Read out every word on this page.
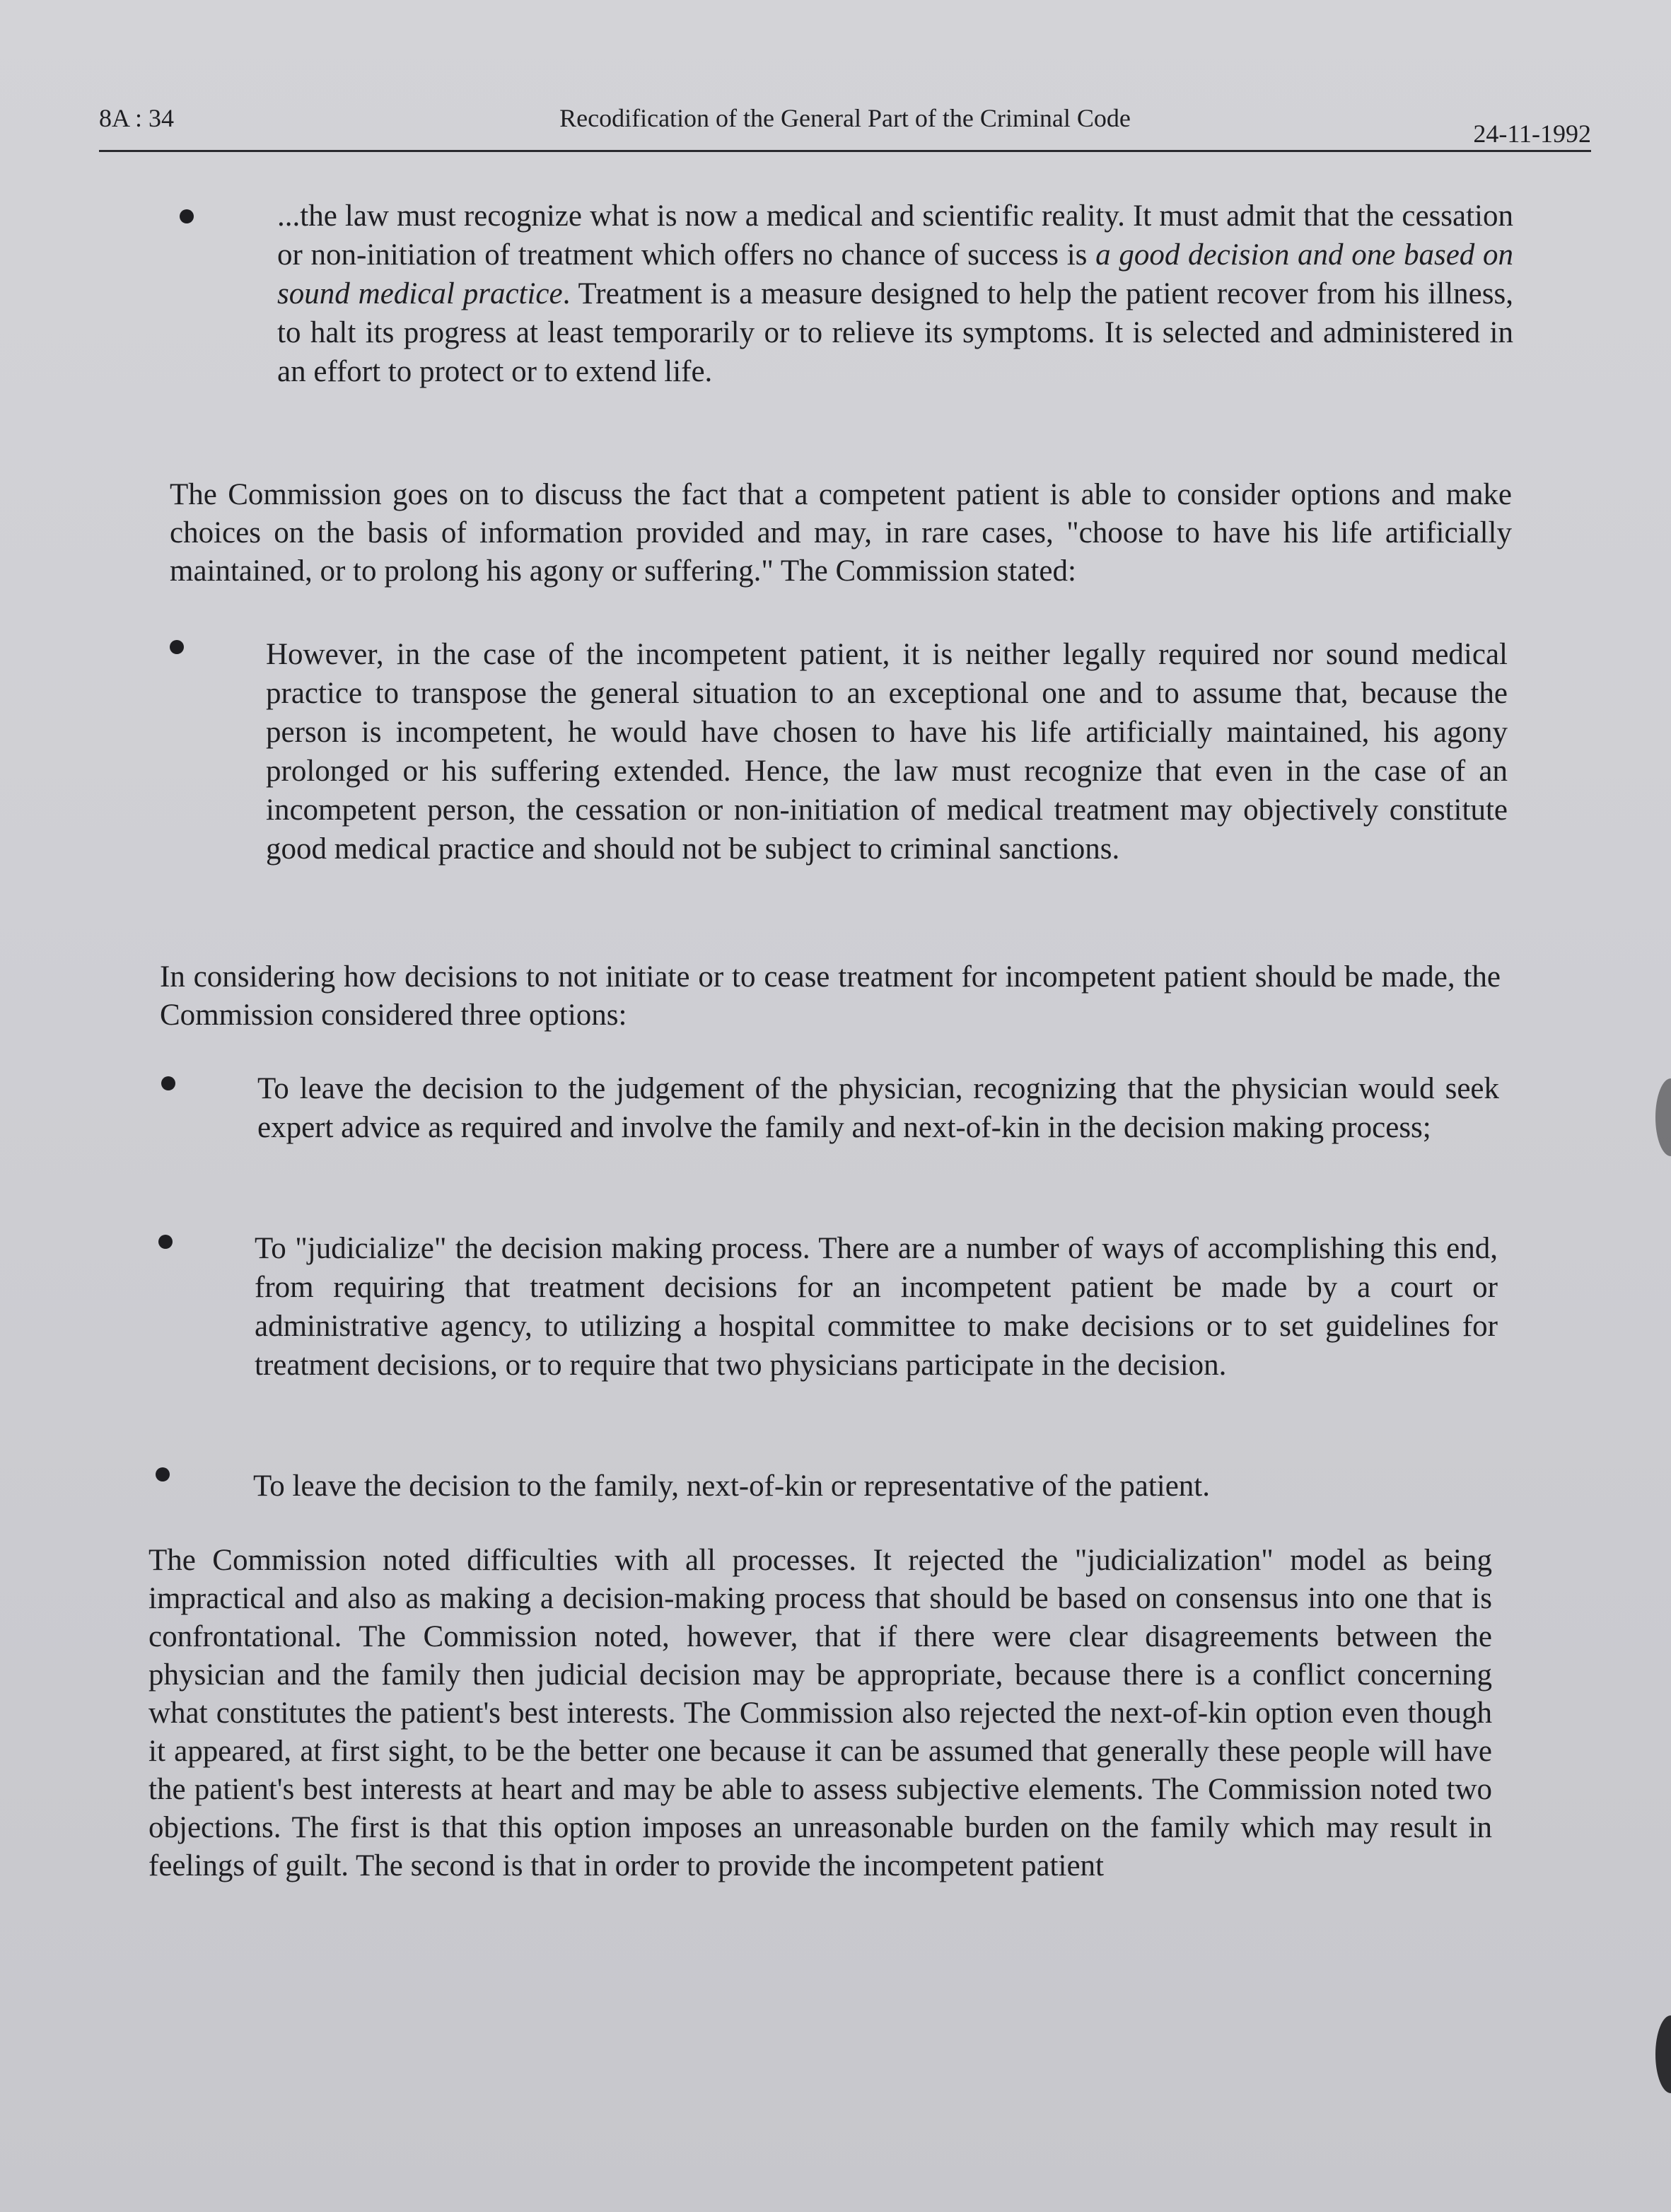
8A : 34	Recodification of the General Part of the Criminal Code
24-11-1992

...the law must recognize what is now a medical and scientific reality. It must admit that the cessation or non-initiation of treatment which offers no chance of success is a good decision and one based on sound medical practice. Treatment is a measure designed to help the patient recover from his illness, to halt its progress at least temporarily or to relieve its symptoms. It is selected and administered in an effort to protect or to extend life.

The Commission goes on to discuss the fact that a competent patient is able to consider options and make choices on the basis of information provided and may, in rare cases, "choose to have his life artificially maintained, or to prolong his agony or suffering." The Commission stated:

However, in the case of the incompetent patient, it is neither legally required nor sound medical practice to transpose the general situation to an exceptional one and to assume that, because the person is incompetent, he would have chosen to have his life artificially maintained, his agony prolonged or his suffering extended. Hence, the law must recognize that even in the case of an incompetent person, the cessation or non-initiation of medical treatment may objectively constitute good medical practice and should not be subject to criminal sanctions.

In considering how decisions to not initiate or to cease treatment for incompetent patient should be made, the Commission considered three options:

To leave the decision to the judgement of the physician, recognizing that the physician would seek expert advice as required and involve the family and next-of-kin in the decision making process;

To "judicialize" the decision making process. There are a number of ways of accomplishing this end, from requiring that treatment decisions for an incompetent patient be made by a court or administrative agency, to utilizing a hospital committee to make decisions or to set guidelines for treatment decisions, or to require that two physicians participate in the decision.

To leave the decision to the family, next-of-kin or representative of the patient.

The Commission noted difficulties with all processes. It rejected the "judicialization" model as being impractical and also as making a decision-making process that should be based on consensus into one that is confrontational. The Commission noted, however, that if there were clear disagreements between the physician and the family then judicial decision may be appropriate, because there is a conflict concerning what constitutes the patient's best interests. The Commission also rejected the next-of-kin option even though it appeared, at first sight, to be the better one because it can be assumed that generally these people will have the patient's best interests at heart and may be able to assess subjective elements. The Commission noted two objections. The first is that this option imposes an unreasonable burden on the family which may result in feelings of guilt. The second is that in order to provide the incompetent patient
